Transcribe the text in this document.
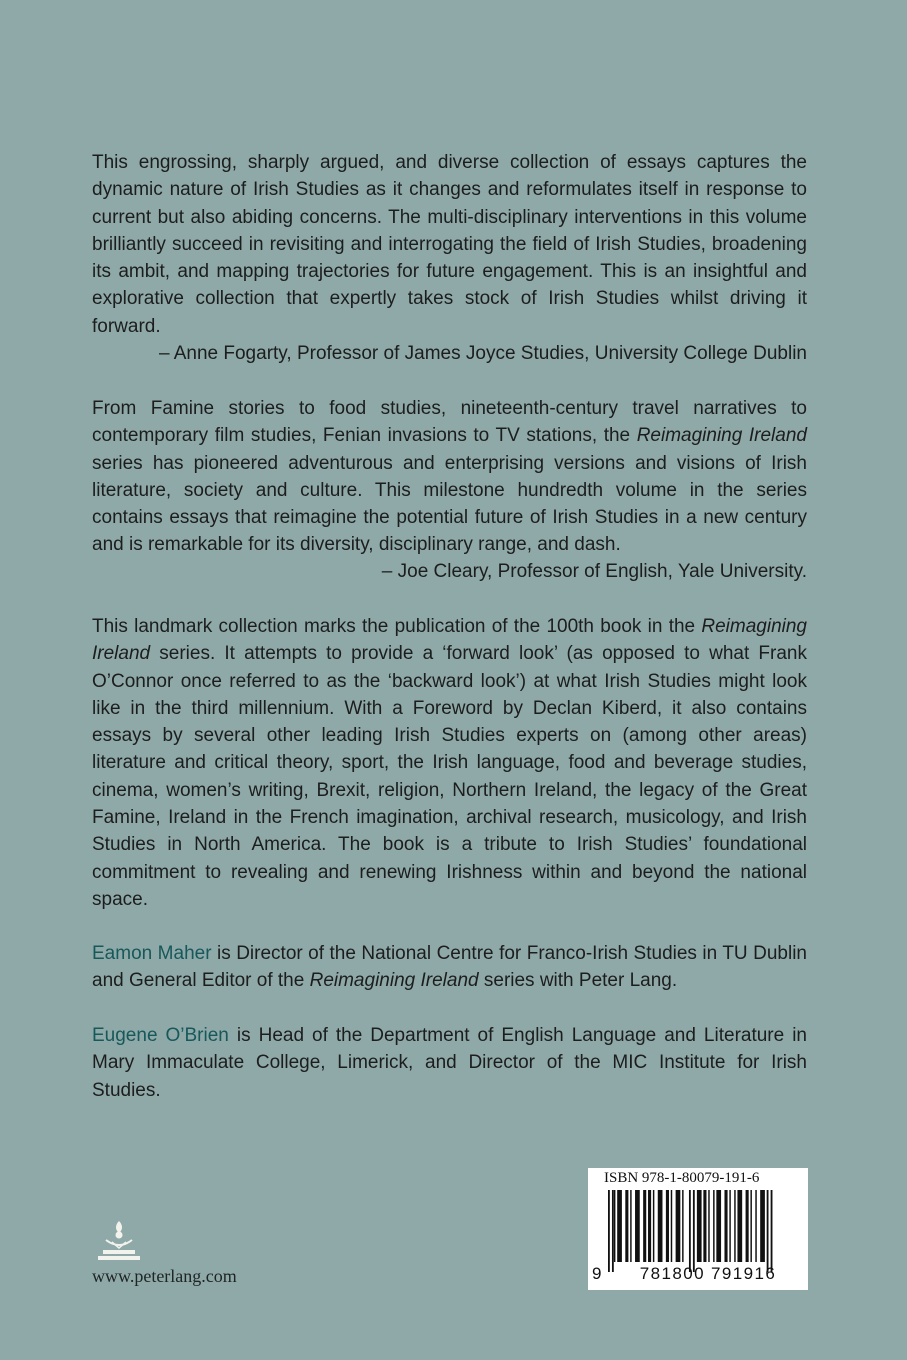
This engrossing, sharply argued, and diverse collection of essays captures the dynamic nature of Irish Studies as it changes and reformulates itself in response to current but also abiding concerns. The multi-disciplinary interventions in this volume brilliantly succeed in revisiting and interrogating the field of Irish Studies, broadening its ambit, and mapping trajectories for future engagement. This is an insightful and explorative collection that expertly takes stock of Irish Studies whilst driving it forward.

– Anne Fogarty, Professor of James Joyce Studies, University College Dublin

From Famine stories to food studies, nineteenth-century travel narratives to contemporary film studies, Fenian invasions to TV stations, the Reimagining Ireland series has pioneered adventurous and enterprising versions and visions of Irish literature, society and culture. This milestone hundredth volume in the series contains essays that reimagine the potential future of Irish Studies in a new century and is remarkable for its diversity, disciplinary range, and dash.

– Joe Cleary, Professor of English, Yale University.

This landmark collection marks the publication of the 100th book in the Reimagining Ireland series. It attempts to provide a ‘forward look’ (as opposed to what Frank O’Connor once referred to as the ‘backward look’) at what Irish Studies might look like in the third millennium. With a Foreword by Declan Kiberd, it also contains essays by several other leading Irish Studies experts on (among other areas) literature and critical theory, sport, the Irish language, food and beverage studies, cinema, women’s writing, Brexit, religion, Northern Ireland, the legacy of the Great Famine, Ireland in the French imagination, archival research, musicology, and Irish Studies in North America. The book is a tribute to Irish Studies’ foundational commitment to revealing and renewing Irishness within and beyond the national space.

Eamon Maher is Director of the National Centre for Franco-Irish Studies in TU Dublin and General Editor of the Reimagining Ireland series with Peter Lang.

Eugene O’Brien is Head of the Department of English Language and Literature in Mary Immaculate College, Limerick, and Director of the MIC Institute for Irish Studies.

www.peterlang.com
ISBN 978-1-80079-191-6
9	781800 791916
